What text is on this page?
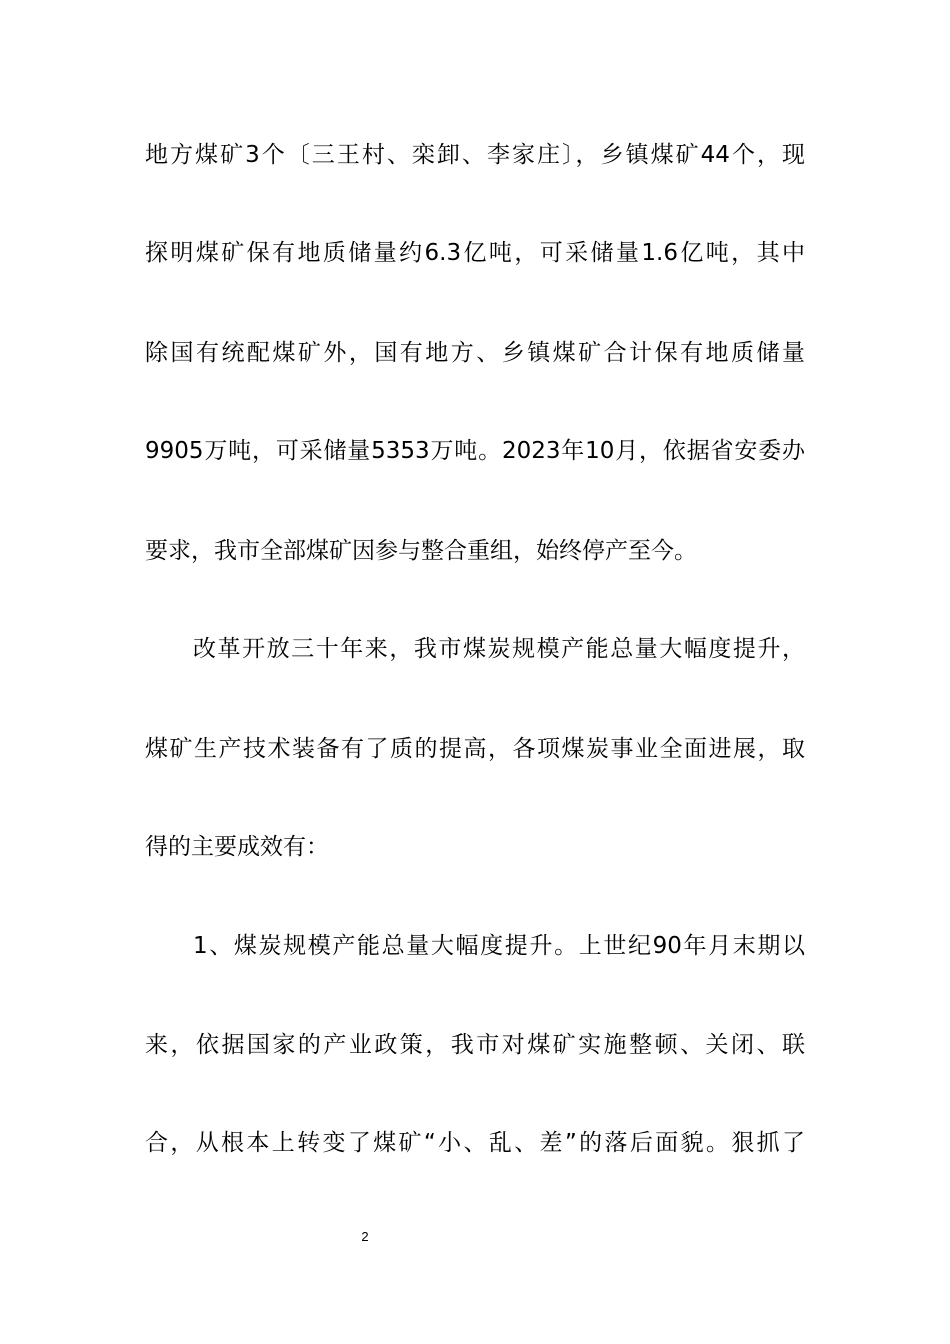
地方煤矿3个〔三王村、栾卸、李家庄〕，乡镇煤矿44个，现
探明煤矿保有地质储量约6.3亿吨，可采储量1.6亿吨，其中
除国有统配煤矿外，国有地方、乡镇煤矿合计保有地质储量
9905万吨，可采储量5353万吨。2023年10月，依据省安委办
要求，我市全部煤矿因参与整合重组，始终停产至今。
改革开放三十年来，我市煤炭规模产能总量大幅度提升，
煤矿生产技术装备有了质的提高，各项煤炭事业全面进展，取
得的主要成效有：
1、煤炭规模产能总量大幅度提升。上世纪90年月末期以
来，依据国家的产业政策，我市对煤矿实施整顿、关闭、联
合，从根本上转变了煤矿“小、乱、差”的落后面貌。狠抓了
2
